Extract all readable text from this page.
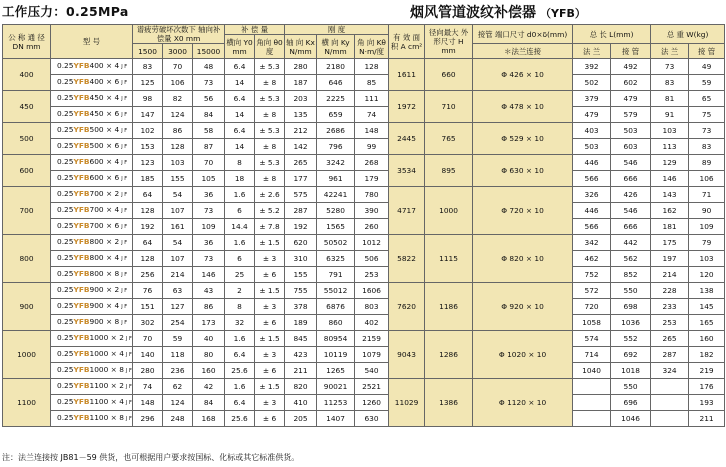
工作压力：0.25MPa	烟风管道波纹补偿器 （YFB）
公 称 通 径 DN mm	型 号	谱疲劳破坏次数下 轴向补偿量 X0 mm			补 偿 量		刚 度			有 效 面 积 A cm²	径向最大 外形尺寸 H mm	接管 端口尺寸 d0×δ(mm)	总 长 L(mm)		总 重 W(kg)	
					横向 Y0 mm	角向 θ0 度	轴 向 Kx N/mm	横 向 Ky N/mm	角 向 Kθ N·m/度							
		1500	3000	15000								＊法兰连接	法 兰	接 管	法 兰	接 管
400	0.25YFB400 × 4 J F	83	70	48	6.4	± 5.3	280	2180	128	1611	660	Φ 426 × 10	392	492	73	49
	0.25YFB400 × 6 J F	125	106	73	14	± 8	187	646	85				502	602	83	59
450	0.25YFB450 × 4 J F	98	82	56	6.4	± 5.3	203	2225	111	1972	710	Φ 478 × 10	379	479	81	65
	0.25YFB450 × 6 J F	147	124	84	14	± 8	135	659	74				479	579	91	75
500	0.25YFB500 × 4 J F	102	86	58	6.4	± 5.3	212	2686	148	2445	765	Φ 529 × 10	403	503	103	73
	0.25YFB500 × 6 J F	153	128	87	14	± 8	142	796	99				503	603	113	83
600	0.25YFB600 × 4 J F	123	103	70	8	± 5.3	265	3242	268	3534	895	Φ 630 × 10	446	546	129	89
	0.25YFB600 × 6 J F	185	155	105	18	± 8	177	961	179				566	666	146	106
700	0.25YFB700 × 2 J F	64	54	36	1.6	± 2.6	575	42241	780	4717	1000	Φ 720 × 10	326	426	143	71
	0.25YFB700 × 4 J F	128	107	73	6	± 5.2	287	5280	390				446	546	162	90
	0.25YFB700 × 6 J F	192	161	109	14.4	± 7.8	192	1565	260				566	666	181	109
800	0.25YFB800 × 2 J F	64	54	36	1.6	± 1.5	620	50502	1012	5822	1115	Φ 820 × 10	342	442	175	79
	0.25YFB800 × 4 J F	128	107	73	6	± 3	310	6325	506				462	562	197	103
	0.25YFB800 × 8 J F	256	214	146	25	± 6	155	791	253				752	852	214	120
900	0.25YFB900 × 2 J F	76	63	43	2	± 1.5	755	55012	1606	7620	1186	Φ 920 × 10	572	550	228	138
	0.25YFB900 × 4 J F	151	127	86	8	± 3	378	6876	803				720	698	233	145
	0.25YFB900 × 8 J F	302	254	173	32	± 6	189	860	402				1058	1036	253	165
1000	0.25YFB1000 × 2 J F	70	59	40	1.6	± 1.5	845	80954	2159	9043	1286	Φ 1020 × 10	574	552	265	160
	0.25YFB1000 × 4 J F	140	118	80	6.4	± 3	423	10119	1079				714	692	287	182
	0.25YFB1000 × 8 J F	280	236	160	25.6	± 6	211	1265	540				1040	1018	324	219
1100	0.25YFB1100 × 2 J F	74	62	42	1.6	± 1.5	820	90021	2521	11029	1386	Φ 1120 × 10		550		176
	0.25YFB1100 × 4 J F	148	124	84	6.4	± 3	410	11253	1260					696		193
	0.25YFB1100 × 8 J F	296	248	168	25.6	± 6	205	1407	630					1046		211
注：法兰连接按 JB81－59 供货，也可根据用户要求按国标、化标或其它标准供货。
